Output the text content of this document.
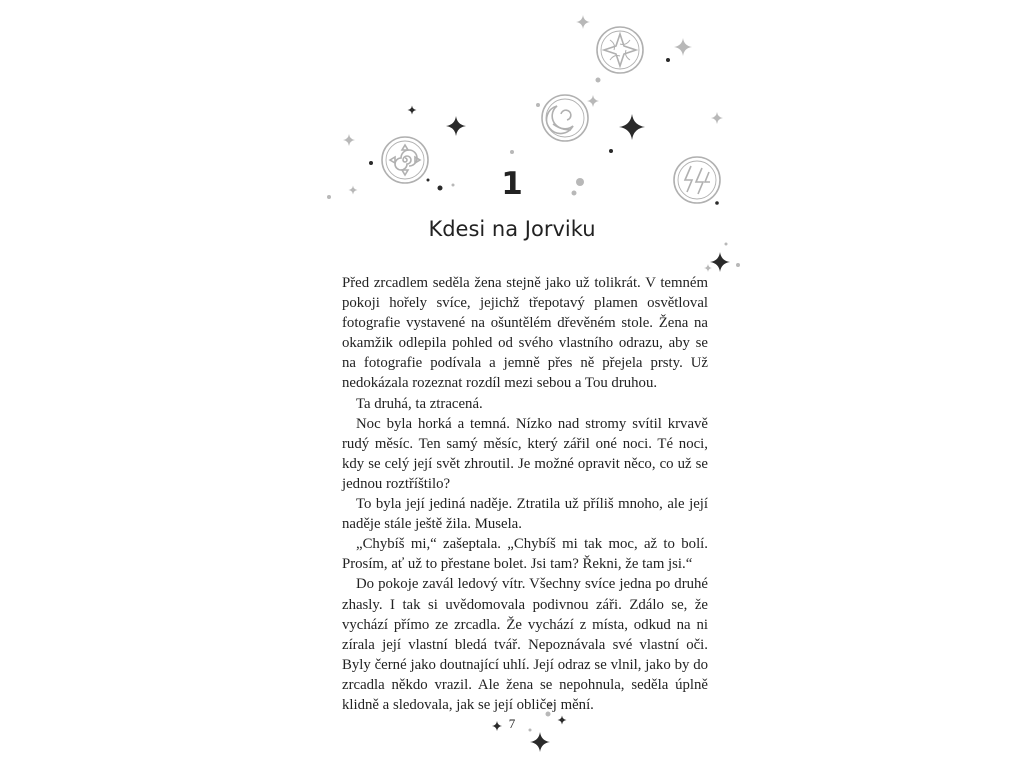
1
Kdesi na Jorviku

Před zrcadlem seděla žena stejně jako už tolikrát. V temném pokoji hořely svíce, jejichž třepotavý plamen osvětloval fotografie vystavené na ošuntělém dřevěném stole. Žena na okamžik odlepila pohled od svého vlastního odrazu, aby se na fotografie podívala a jemně přes ně přejela prsty. Už nedokázala rozeznat rozdíl mezi sebou a Tou druhou.

Ta druhá, ta ztracená.

Noc byla horká a temná. Nízko nad stromy svítil krvavě rudý měsíc. Ten samý měsíc, který zářil oné noci. Té noci, kdy se celý její svět zhroutil. Je možné opravit něco, co už se jednou roztříštilo?

To byla její jediná naděje. Ztratila už příliš mnoho, ale její naděje stále ještě žila. Musela.

„Chybíš mi,“ zašeptala. „Chybíš mi tak moc, až to bolí. Prosím, ať už to přestane bolet. Jsi tam? Řekni, že tam jsi.“

Do pokoje zavál ledový vítr. Všechny svíce jedna po druhé zhasly. I tak si uvědomovala podivnou záři. Zdálo se, že vychází přímo ze zrcadla. Že vychází z místa, odkud na ni zírala její vlastní bledá tvář. Nepoznávala své vlastní oči. Byly černé jako doutnající uhlí. Její odraz se vlnil, jako by do zrcadla někdo vrazil. Ale žena se nepohnula, seděla úplně klidně a sledovala, jak se její obličej mění.

7
